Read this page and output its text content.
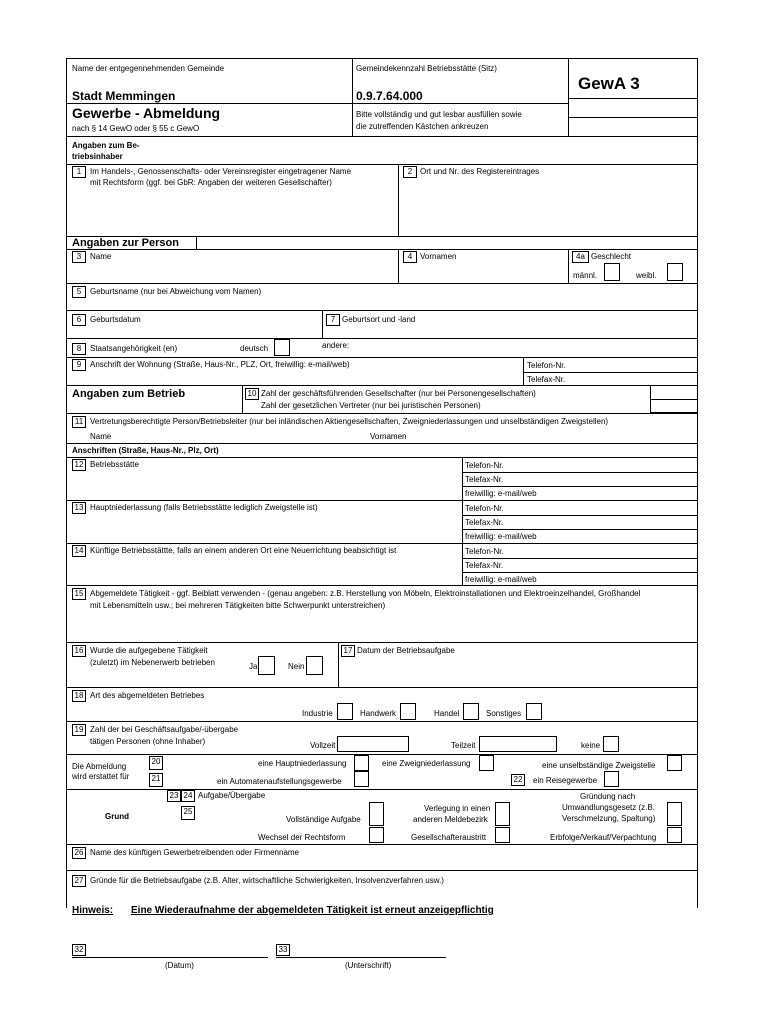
Name der entgegennehmenden Gemeinde
Stadt Memmingen
Gewerbe - Abmeldung
nach § 14 GewO oder § 55 c GewO
Gemeindekennzahl Betriebsstätte (Sitz)
0.9.7.64.000
Bitte vollständig und gut lesbar ausfüllen sowie
die zutreffenden Kästchen ankreuzen
GewA 3
Angaben zum Be-
triebsinhaber
1	Im Handels-, Genossenschafts- oder Vereinsregister eingetragener Name
mit Rechtsform (ggf. bei GbR: Angaben der weiteren Gesellschafter)
2 Ort und Nr. des Registereintrages
Angaben zur Person
3	Name	4 Vornamen	4a Geschlecht
männl.	weibl.
5	Geburtsname (nur bei Abweichung vom Namen)
6	Geburtsdatum	7 Geburtsort und -land
8	Staatsangehörigkeit (en)	deutsch	andere:
9	Anschrift der Wohnung (Straße, Haus-Nr., PLZ, Ort, freiwillig: e-mail/web)	Telefon-Nr.
Telefax-Nr.
Angaben zum Betrieb	10 Zahl der geschäftsführenden Gesellschafter (nur bei Personengesellschaften)
Zahl der gesetzlichen Vertreter (nur bei juristischen Personen)
11 Vertretungsberechtigte Person/Betriebsleiter (nur bei inländischen Aktiengesellschaften, Zweigniederlassungen und unselbständigen Zweigstellen)
Name	Vornamen
Anschriften (Straße, Haus-Nr., Plz, Ort)
12 Betriebsstätte	Telefon-Nr.
Telefax-Nr.
freiwillig: e-mail/web
13 Hauptniederlassung (falls Betriebsstätte lediglich Zweigstelle ist)	Telefon-Nr.
Telefax-Nr.
freiwillig: e-mail/web
14 Künftige Betriebsstättte, falls an einem anderen Ort eine Neuerrichtung beabsichtigt ist	Telefon-Nr.
Telefax-Nr.
freiwillig: e-mail/web
15 Abgemeldete Tätigkeit - ggf. Beiblatt verwenden - (genau angeben: z.B. Herstellung von Möbeln, Elektroinstallationen und Elektroeinzelhandel, Großhandel
mit Lebensmitteln usw.; bei mehreren Tätigkeiten bitte Schwerpunkt unterstreichen)
16 Wurde die aufgegebene Tätigkeit
(zuletzt) im Nebenerwerb betrieben	Ja	Nein
17 Datum der Betriebsaufgabe
18 Art des abgemeldeten Betriebes
Industrie	Handwerk	Handel	Sonstiges
19 Zahl der bei Geschäftsaufgabe/-übergabe
tätigen Personen (ohne Inhaber)	Vollzeit	Teilzeit	keine
Die Abmeldung
wird erstattet für
20
21
eine Hauptniederlassung	eine Zweigniederlassung	eine unselbständige Zweigstelle
ein Automatenaufstellungsgewerbe	22	ein Reisegewerbe
Grund
23 24 Aufgabe/Übergabe
25
Vollständige Aufgabe
Wechsel der Rechtsform
Verlegung in einen
anderen Meldebezirk
Gesellschafteraustritt
Gründung nach
Umwandlungsgesetz (z.B.
Verschmelzung, Spaltung)
Erbfolge/Verkauf/Verpachtung
26 Name des künftigen Gewerbetreibenden oder Firmenname
27 Gründe für die Betriebsaufgabe (z.B. Alter, wirtschaftliche Schwierigkeiten, Insolvenzverfahren usw.)
Hinweis: Eine Wiederaufnahme der abgemeldeten Tätigkeit ist erneut anzeigepflichtig
32	33
(Datum)	(Unterschrift)
